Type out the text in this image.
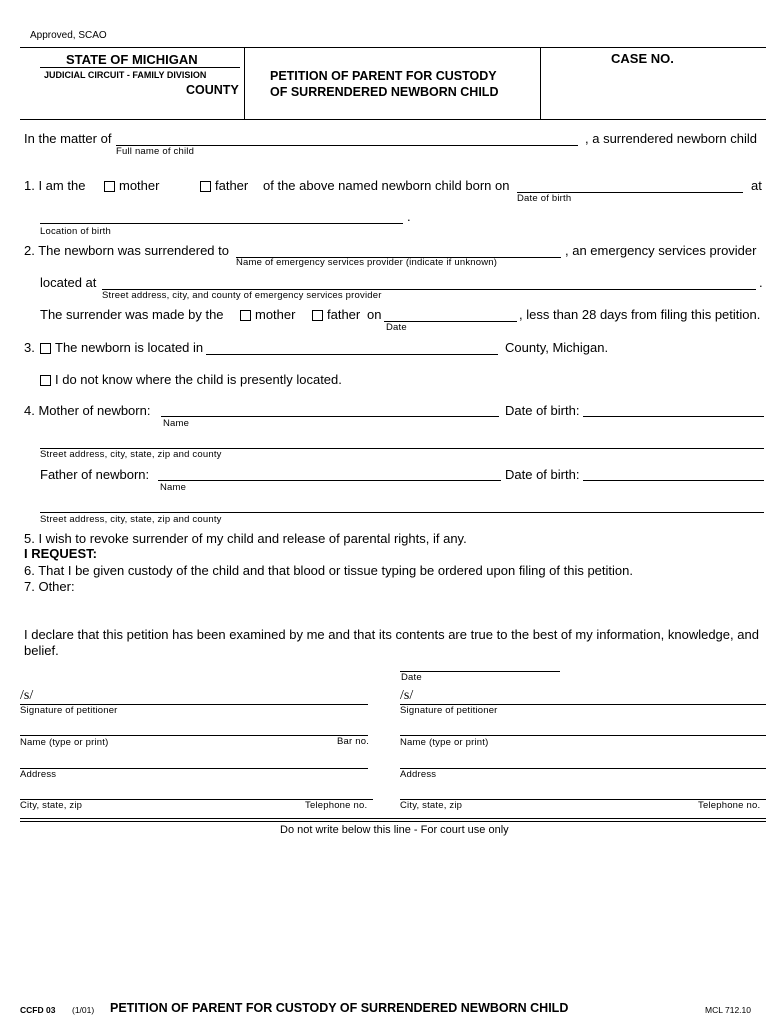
Approved, SCAO
STATE OF MICHIGAN
JUDICIAL CIRCUIT - FAMILY DIVISION
COUNTY
PETITION OF PARENT FOR CUSTODY
OF SURRENDERED NEWBORN CHILD
CASE NO.
In the matter of	, a surrendered newborn child
Full name of child
1. I am the	mother	father of the above named newborn child born on	at
Date of birth
.
Location of birth
2. The newborn was surrendered to	, an emergency services provider
Name of emergency services provider (indicate if unknown)
located at	.
Street address, city, and county of emergency services provider
The surrender was made by the mother father on	, less than 28 days from filing this petition.
Date
3. The newborn is located in	County, Michigan.
I do not know where the child is presently located.
4. Mother of newborn:	Date of birth:
Name
Street address, city, state, zip and county
Father of newborn:	Date of birth:
Name
Street address, city, state, zip and county
5. I wish to revoke surrender of my child and release of parental rights, if any.
I REQUEST:
6. That I be given custody of the child and that blood or tissue typing be ordered upon filing of this petition.
7. Other:
I declare that this petition has been examined by me and that its contents are true to the best of my information, knowledge, and
belief.
Date
/s/
Signature of petitioner
/s/
Signature of petitioner
Name (type or print)	Bar no.	Name (type or print)
Address	Address
City, state, zip	Telephone no.	City, state, zip	Telephone no.
Do not write below this line - For court use only
CCFD 03 (1/01) PETITION OF PARENT FOR CUSTODY OF SURRENDERED NEWBORN CHILD	MCL 712.10
